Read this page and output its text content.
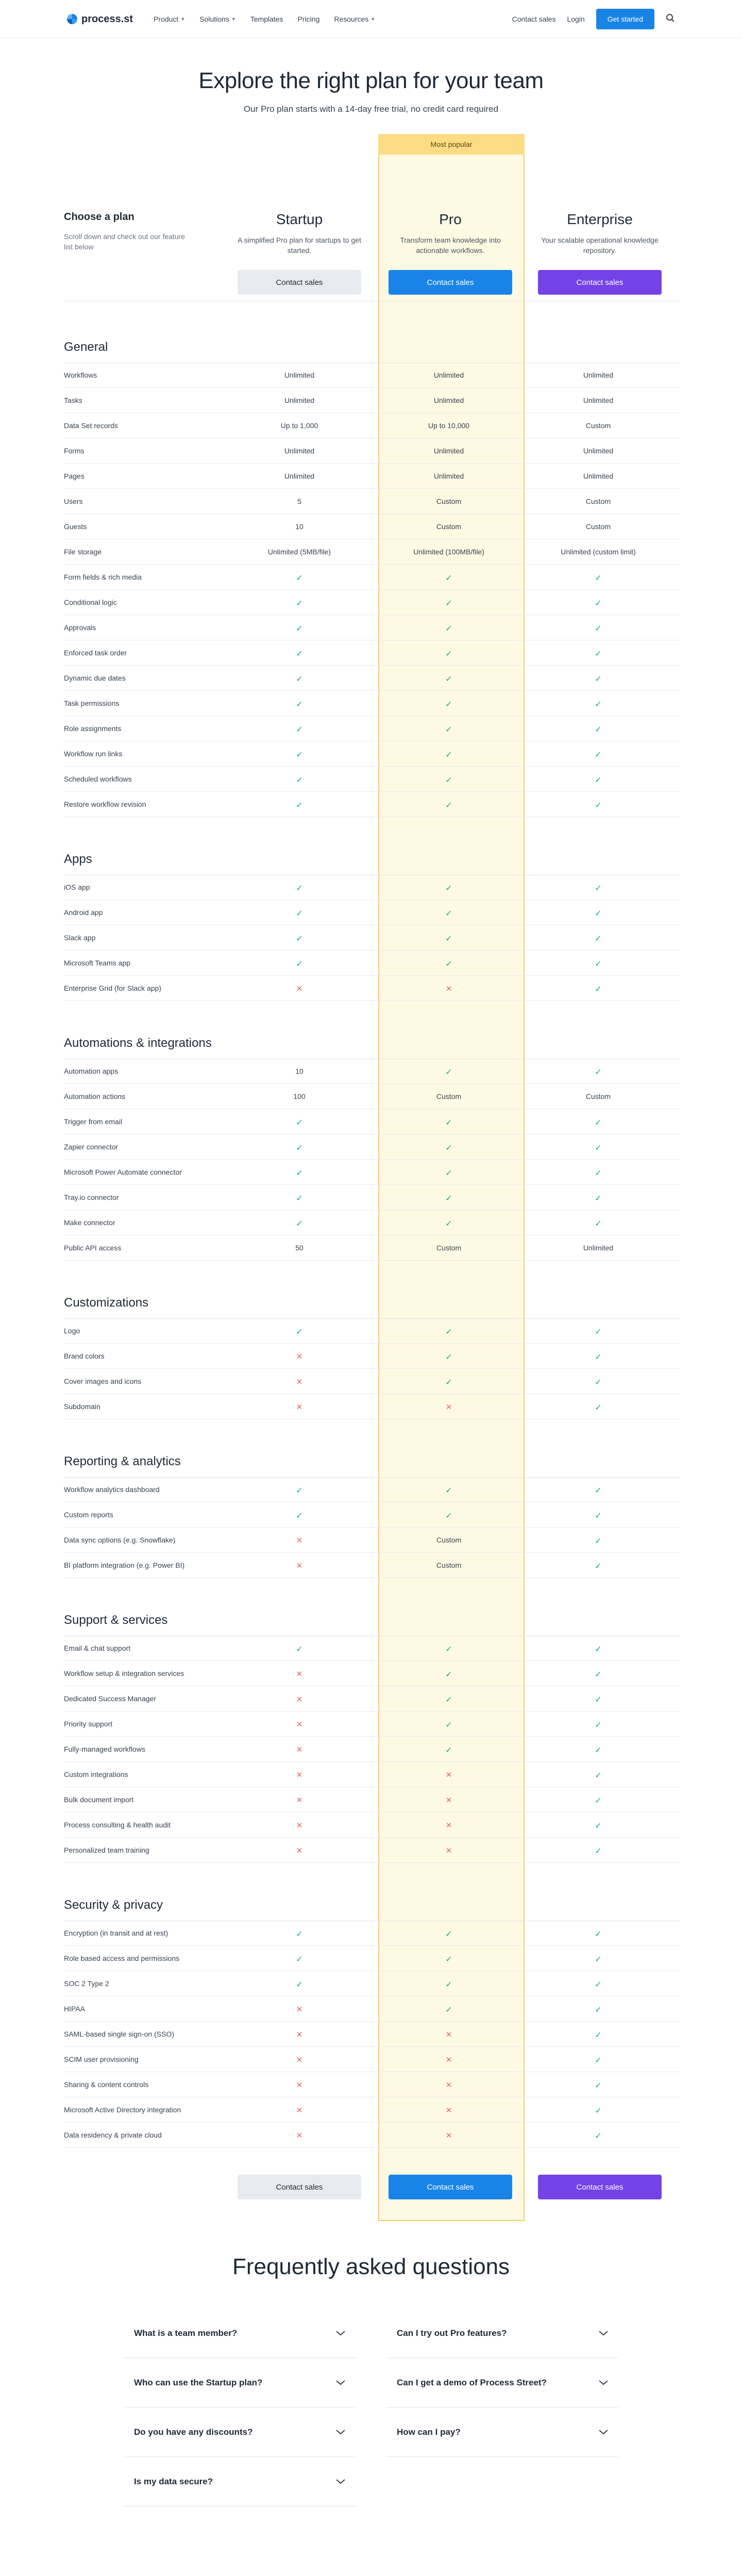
process.st	Product ▼ Solutions ▼ Templates Pricing Resources ▼	Contact sales Login	Get started
Explore the right plan for your team

Our Pro plan starts with a 14-day free trial, no credit card required

Most popular
Choose a plan

Scroll down and check out our feature list below

Startup
A simplified Pro plan for startups to get started.
Contact sales
Pro
Transform team knowledge into actionable workflows.
Contact sales
Enterprise
Your scalable operational knowledge repository.
Contact sales
General
Workflows	Unlimited	Unlimited	Unlimited
Tasks	Unlimited	Unlimited	Unlimited
Data Set records	Up to 1,000	Up to 10,000	Custom
Forms	Unlimited	Unlimited	Unlimited
Pages	Unlimited	Unlimited	Unlimited
Users	5	Custom	Custom
Guests	10	Custom	Custom
File storage	Unlimited (5MB/file)	Unlimited (100MB/file)	Unlimited (custom limit)
Form fields & rich media	✓	✓	✓
Conditional logic	✓	✓	✓
Approvals	✓	✓	✓
Enforced task order	✓	✓	✓
Dynamic due dates	✓	✓	✓
Task permissions	✓	✓	✓
Role assignments	✓	✓	✓
Workflow run links	✓	✓	✓
Scheduled workflows	✓	✓	✓
Restore workflow revision	✓	✓	✓
Apps
iOS app	✓	✓	✓
Android app	✓	✓	✓
Slack app	✓	✓	✓
Microsoft Teams app	✓	✓	✓
Enterprise Grid (for Slack app)	✕	✕	✓
Automations & integrations
Automation apps	10	✓	✓
Automation actions	100	Custom	Custom
Trigger from email	✓	✓	✓
Zapier connector	✓	✓	✓
Microsoft Power Automate connector	✓	✓	✓
Tray.io connector	✓	✓	✓
Make connector	✓	✓	✓
Public API access	50	Custom	Unlimited
Customizations
Logo	✓	✓	✓
Brand colors	✕	✓	✓
Cover images and icons	✕	✓	✓
Subdomain	✕	✕	✓
Reporting & analytics
Workflow analytics dashboard	✓	✓	✓
Custom reports	✓	✓	✓
Data sync options (e.g. Snowflake)	✕	Custom	✓
BI platform integration (e.g. Power BI)	✕	Custom	✓
Support & services
Email & chat support	✓	✓	✓
Workflow setup & integration services	✕	✓	✓
Dedicated Success Manager	✕	✓	✓
Priority support	✕	✓	✓
Fully-managed workflows	✕	✓	✓
Custom integrations	✕	✕	✓
Bulk document import	✕	✕	✓
Process consulting & health audit	✕	✕	✓
Personalized team training	✕	✕	✓
Security & privacy
Encryption (in transit and at rest)	✓	✓	✓
Role based access and permissions	✓	✓	✓
SOC 2 Type 2	✓	✓	✓
HIPAA	✕	✓	✓
SAML-based single sign-on (SSO)	✕	✕	✓
SCIM user provisioning	✕	✕	✓
Sharing & content controls	✕	✕	✓
Microsoft Active Directory integration	✕	✕	✓
Data residency & private cloud	✕	✕	✓
Contact sales	Contact sales	Contact sales
Frequently asked questions
What is a team member?	Can I try out Pro features?
Who can use the Startup plan?	Can I get a demo of Process Street?
Do you have any discounts?	How can I pay?
Is my data secure?
